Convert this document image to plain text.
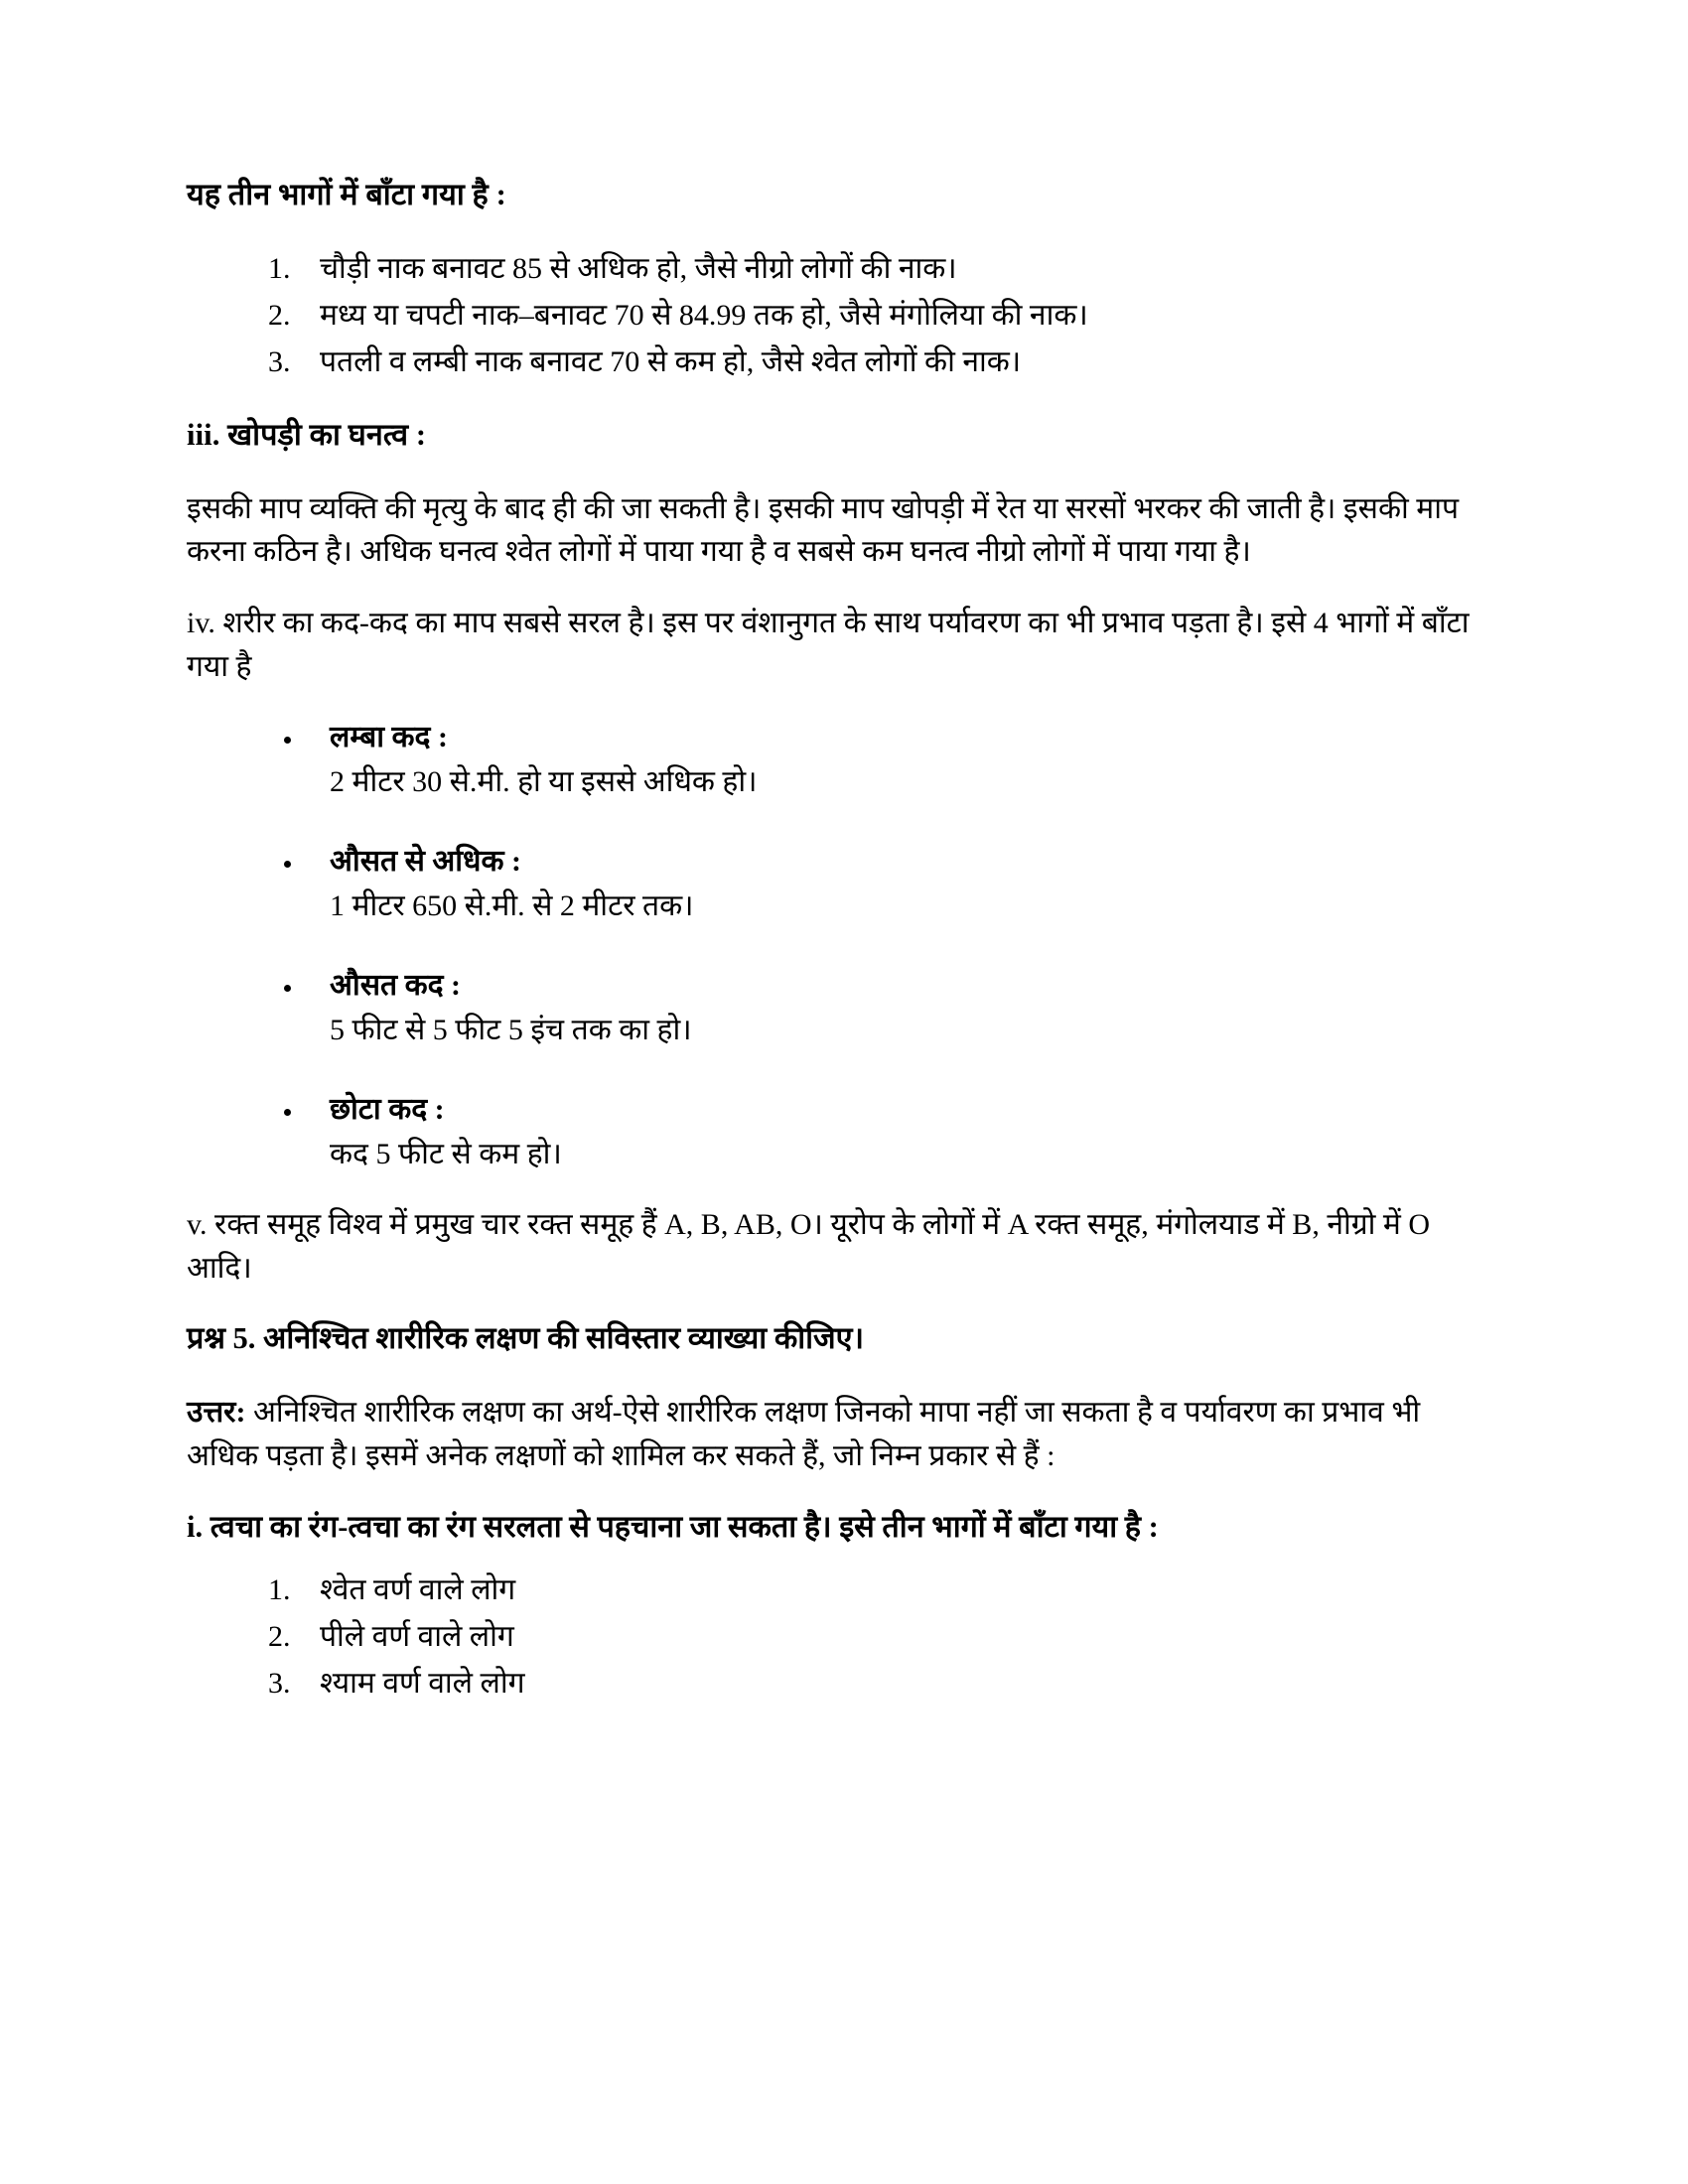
यह तीन भागों में बाँटा गया है :

1. चौड़ी नाक बनावट 85 से अधिक हो, जैसे नीग्रो लोगों की नाक।
2. मध्य या चपटी नाक–बनावट 70 से 84.99 तक हो, जैसे मंगोलिया की नाक।
3. पतली व लम्बी नाक बनावट 70 से कम हो, जैसे श्वेत लोगों की नाक।

iii. खोपड़ी का घनत्व :

इसकी माप व्यक्ति की मृत्यु के बाद ही की जा सकती है। इसकी माप खोपड़ी में रेत या सरसों भरकर की जाती है। इसकी माप करना कठिन है। अधिक घनत्व श्वेत लोगों में पाया गया है व सबसे कम घनत्व नीग्रो लोगों में पाया गया है।

iv. शरीर का कद-कद का माप सबसे सरल है। इस पर वंशानुगत के साथ पर्यावरण का भी प्रभाव पड़ता है। इसे 4 भागों में बाँटा गया है

• लम्बा कद :
2 मीटर 30 से.मी. हो या इससे अधिक हो।
• औसत से अधिक :
1 मीटर 650 से.मी. से 2 मीटर तक।
• औसत कद :
5 फीट से 5 फीट 5 इंच तक का हो।
• छोटा कद :
कद 5 फीट से कम हो।

v. रक्त समूह विश्व में प्रमुख चार रक्त समूह हैं A, B, AB, O। यूरोप के लोगों में A रक्त समूह, मंगोलयाड में B, नीग्रो में O आदि।

प्रश्न 5. अनिश्चित शारीरिक लक्षण की सविस्तार व्याख्या कीजिए।

उत्तर: अनिश्चित शारीरिक लक्षण का अर्थ-ऐसे शारीरिक लक्षण जिनको मापा नहीं जा सकता है व पर्यावरण का प्रभाव भी अधिक पड़ता है। इसमें अनेक लक्षणों को शामिल कर सकते हैं, जो निम्न प्रकार से हैं :

i. त्वचा का रंग-त्वचा का रंग सरलता से पहचाना जा सकता है। इसे तीन भागों में बाँटा गया है :

1. श्वेत वर्ण वाले लोग
2. पीले वर्ण वाले लोग
3. श्याम वर्ण वाले लोग
